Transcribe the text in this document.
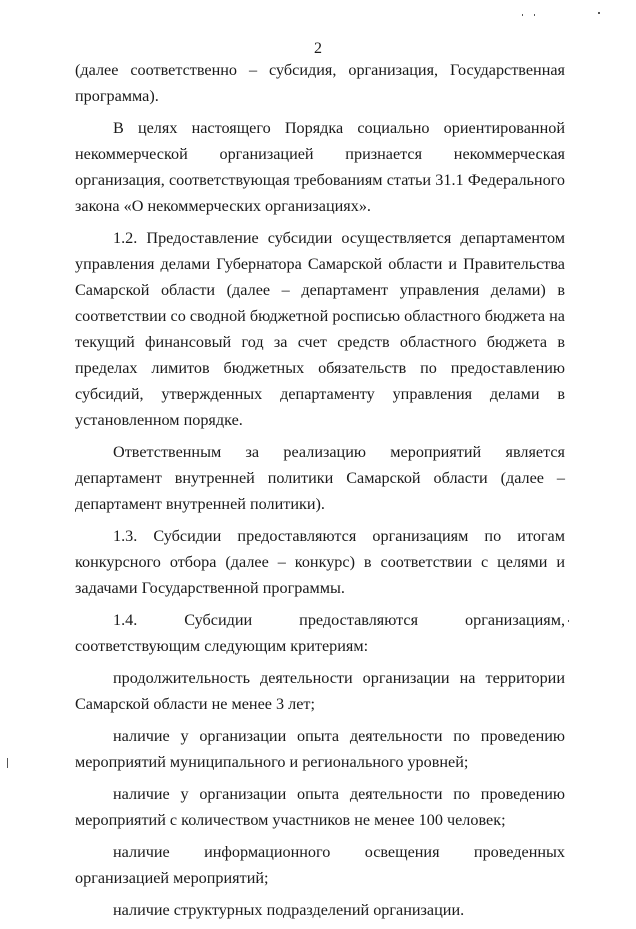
2

(далее соответственно – субсидия, организация, Государственная программа).

В целях настоящего Порядка социально ориентированной некоммерческой организацией признается некоммерческая организация, соответствующая требованиям статьи 31.1 Федерального закона «О некоммерческих организациях».

1.2. Предоставление субсидии осуществляется департаментом управления делами Губернатора Самарской области и Правительства Самарской области (далее – департамент управления делами) в соответствии со сводной бюджетной росписью областного бюджета на текущий финансовый год за счет средств областного бюджета в пределах лимитов бюджетных обязательств по предоставлению субсидий, утвержденных департаменту управления делами в установленном порядке.

Ответственным за реализацию мероприятий является департамент внутренней политики Самарской области (далее – департамент внутренней политики).

1.3. Субсидии предоставляются организациям по итогам конкурсного отбора (далее – конкурс) в соответствии с целями и задачами Государственной программы.

1.4. Субсидии предоставляются организациям, соответствующим следующим критериям:

продолжительность деятельности организации на территории Самарской области не менее 3 лет;

наличие у организации опыта деятельности по проведению мероприятий муниципального и регионального уровней;

наличие у организации опыта деятельности по проведению мероприятий с количеством участников не менее 100 человек;

наличие информационного освещения проведенных организацией мероприятий;

наличие структурных подразделений организации.
